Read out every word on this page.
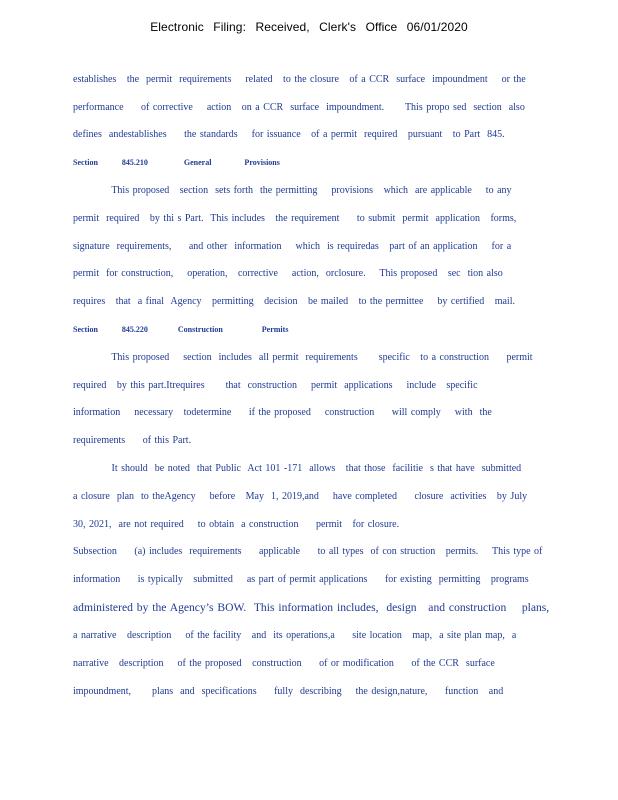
Electronic Filing: Received, Clerk's Office 06/01/2020
establishes   the  permit  requirements    related   to the closure   of a CCR  surface  impoundment    or the
performance     of corrective    action   on a CCR  surface  impoundment.      This propo sed  section  also
defines  andestablishes     the standards    for issuance   of a permit  required   pursuant   to Part  845.
Section        845.210            General           Provisions
This proposed   section  sets forth  the permitting    provisions   which  are applicable    to any
permit  required   by thi s Part.  This includes   the requirement     to submit  permit  application   forms,
signature  requirements,     and other  information    which  is requiredas   part of an application    for a
permit  for construction,    operation,   corrective    action,  orclosure.    This proposed   sec  tion also
requires   that  a final  Agency   permitting   decision   be mailed   to the permittee    by certified   mail.
Section        845.220          Construction             Permits
This proposed    section  includes  all permit  requirements      specific   to a construction     permit
required   by this part.Itrequires      that  construction    permit  applications    include   specific
information    necessary   todetermine     if the proposed    construction     will comply    with  the
requirements     of this Part.
It should  be noted  that Public  Act 101 -171  allows   that those  facilitie  s that have  submitted
a closure  plan  to theAgency    before   May  1, 2019,and    have completed     closure  activities   by July
30, 2021,  are not required    to obtain  a construction     permit   for closure.
Subsection     (a) includes  requirements     applicable     to all types  of con struction   permits.    This type of
information     is typically   submitted    as part of permit applications     for existing  permitting   programs
administered by the Agency’s BOW.  This information includes,  design   and construction    plans,
a narrative   description    of the facility   and  its operations,a     site location   map,  a site plan map,  a
narrative   description    of the proposed   construction     of or modification     of the CCR  surface
impoundment,      plans  and  specifications     fully  describing    the design,nature,     function   and
